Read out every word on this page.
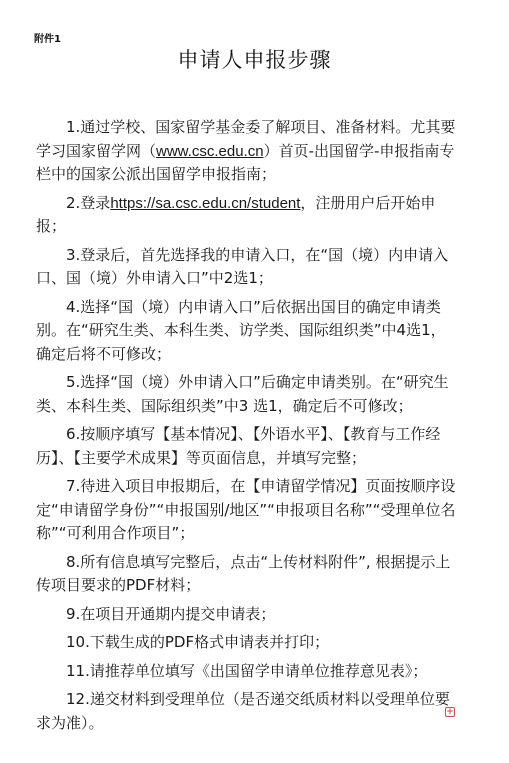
附件1
申请人申报步骤

1.通过学校、国家留学基金委了解项目、准备材料。尤其要学习国家留学网（www.csc.edu.cn）首页-出国留学-申报指南专栏中的国家公派出国留学申报指南；

2.登录https://sa.csc.edu.cn/student，注册用户后开始申报；

3.登录后，首先选择我的申请入口，在“国（境）内申请入口、国（境）外申请入口”中2选1；

4.选择“国（境）内申请入口”后依据出国目的确定申请类别。在“研究生类、本科生类、访学类、国际组织类”中4选1，确定后将不可修改；

5.选择“国（境）外申请入口”后确定申请类别。在“研究生类、本科生类、国际组织类”中3 选1，确定后不可修改；

6.按顺序填写【基本情况】、【外语水平】、【教育与工作经历】、【主要学术成果】等页面信息，并填写完整；

7.待进入项目申报期后，在【申请留学情况】页面按顺序设定“申请留学身份”“申报国别/地区”“申报项目名称”“受理单位名称”“可利用合作项目”；

8.所有信息填写完整后，点击“上传材料附件”, 根据提示上传项目要求的PDF材料；

9.在项目开通期内提交申请表；

10.下载生成的PDF格式申请表并打印；

11.请推荐单位填写《出国留学申请单位推荐意见表》；

12.递交材料到受理单位（是否递交纸质材料以受理单位要求为准）。

+
